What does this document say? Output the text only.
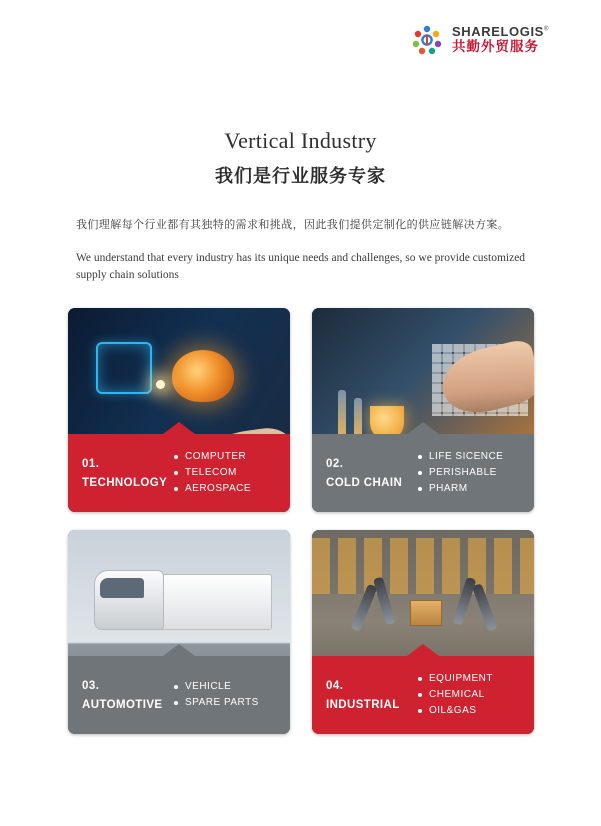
SHARELOGIS®
共勤外贸服务
Vertical Industry
我们是行业服务专家
我们理解每个行业都有其独特的需求和挑战，因此我们提供定制化的供应链解决方案。
We understand that every industry has its unique needs and challenges, so we provide customized supply chain solutions
01.
TECHNOLOGY
COMPUTER
TELECOM
AEROSPACE
02.
COLD CHAIN
LIFE SICENCE
PERISHABLE
PHARM
03.
AUTOMOTIVE
VEHICLE
SPARE PARTS
04.
INDUSTRIAL
EQUIPMENT
CHEMICAL
OIL&GAS
